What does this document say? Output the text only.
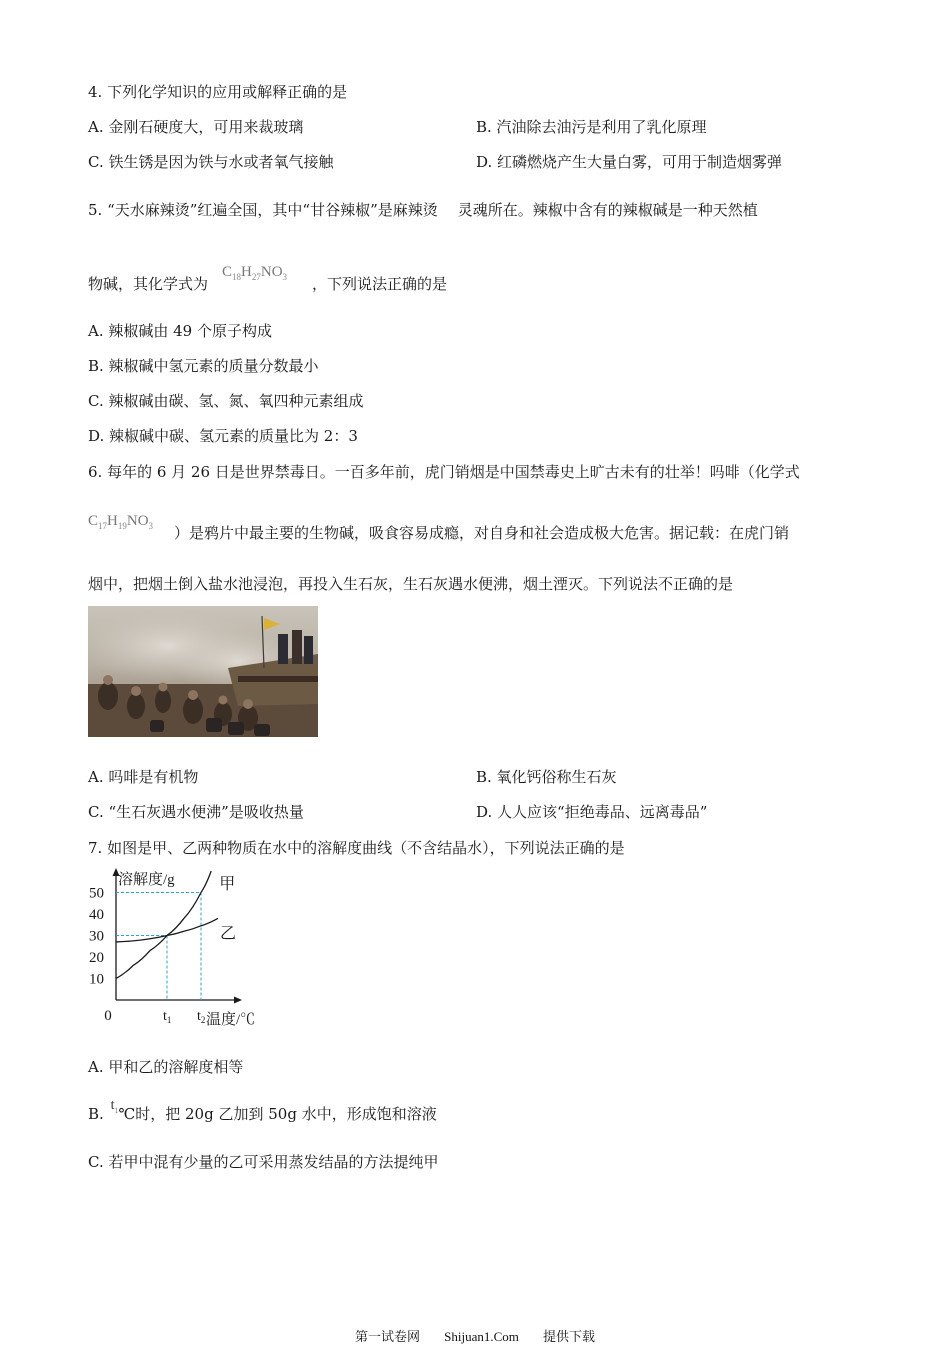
4. 下列化学知识的应用或解释正确的是
A. 金刚石硬度大，可用来裁玻璃	B. 汽油除去油污是利用了乳化原理
C. 铁生锈是因为铁与水或者氧气接触	D. 红磷燃烧产生大量白雾，可用于制造烟雾弹
5. “天水麻辣烫”红遍全国，其中“甘谷辣椒”是麻辣烫 灵魂所在。辣椒中含有的辣椒碱是一种天然植
物碱，其化学式为
$C_{18}H_{27}NO_3$ ，下列说法正确的是
A. 辣椒碱由 49 个原子构成
B. 辣椒碱中氢元素的质量分数最小
C. 辣椒碱由碳、氢、氮、氧四种元素组成
D. 辣椒碱中碳、氢元素的质量比为 2：3
6. 每年的 6 月 26 日是世界禁毒日。一百多年前，虎门销烟是中国禁毒史上旷古未有的壮举！吗啡（化学式
$C_{17}H_{19}NO_3$ ）是鸦片中最主要的生物碱，吸食容易成瘾，对自身和社会造成极大危害。据记载：在虎门销
烟中，把烟土倒入盐水池浸泡，再投入生石灰，生石灰遇水便沸，烟土湮灭。下列说法不正确的是
A. 吗啡是有机物	B. 氧化钙俗称生石灰
C. “生石灰遇水便沸”是吸收热量	D. 人人应该“拒绝毒品、远离毒品”
7. 如图是甲、乙两种物质在水中的溶解度曲线（不含结晶水），下列说法正确的是
10
20
30
40
50
0
溶解度/g
温度/℃
$t_1$ $t_2$
甲
乙
A. 甲和乙的溶解度相等
B. $t_1℃$时，把 20g 乙加到 50g 水中，形成饱和溶液
C. 若甲中混有少量的乙可采用蒸发结晶的方法提纯甲
第一试卷网 Shijuan1.Com 提供下载
